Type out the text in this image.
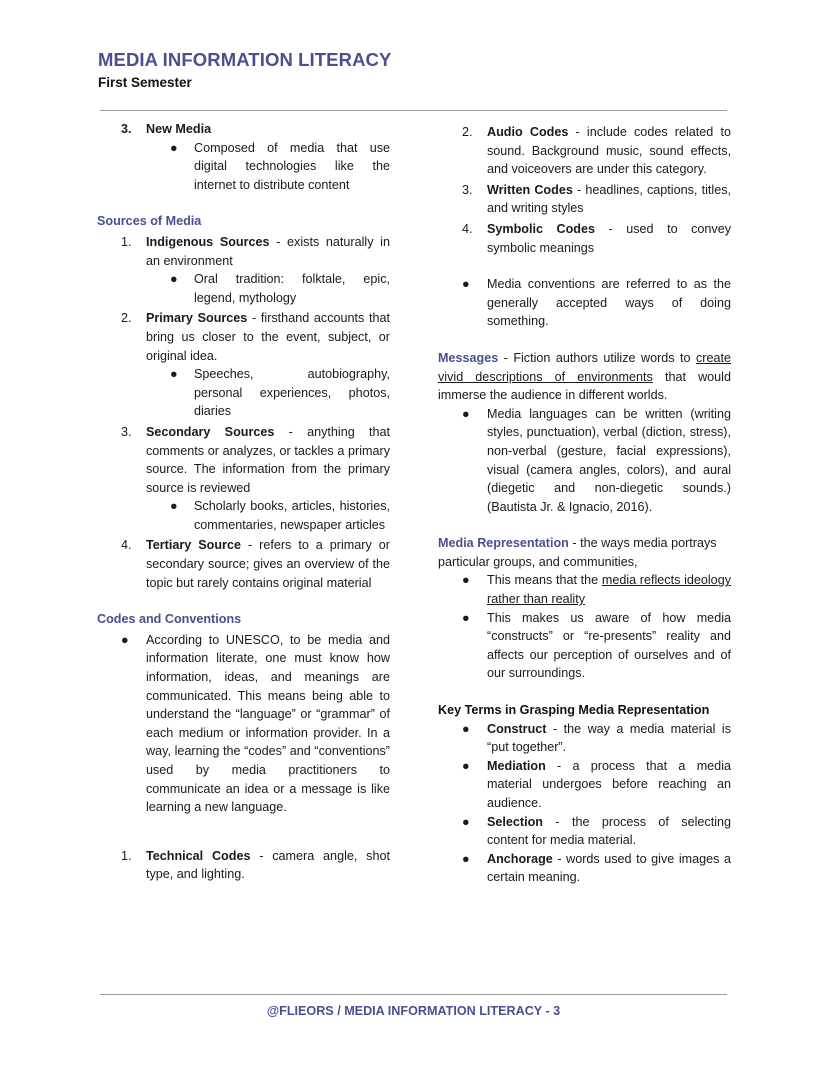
MEDIA INFORMATION LITERACY
First Semester
3. New Media
● Composed of media that use digital technologies like the internet to distribute content
Sources of Media
1. Indigenous Sources - exists naturally in an environment
● Oral tradition: folktale, epic, legend, mythology
2. Primary Sources - firsthand accounts that bring us closer to the event, subject, or original idea.
● Speeches, autobiography, personal experiences, photos, diaries
3. Secondary Sources - anything that comments or analyzes, or tackles a primary source. The information from the primary source is reviewed
● Scholarly books, articles, histories, commentaries, newspaper articles
4. Tertiary Source - refers to a primary or secondary source; gives an overview of the topic but rarely contains original material
Codes and Conventions
● According to UNESCO, to be media and information literate, one must know how information, ideas, and meanings are communicated. This means being able to understand the “language” or “grammar” of each medium or information provider. In a way, learning the “codes” and “conventions” used by media practitioners to communicate an idea or a message is like learning a new language.
1. Technical Codes - camera angle, shot type, and lighting.
2. Audio Codes - include codes related to sound. Background music, sound effects, and voiceovers are under this category.
3. Written Codes - headlines, captions, titles, and writing styles
4. Symbolic Codes - used to convey symbolic meanings
● Media conventions are referred to as the generally accepted ways of doing something.
Messages - Fiction authors utilize words to create vivid descriptions of environments that would immerse the audience in different worlds.
● Media languages can be written (writing styles, punctuation), verbal (diction, stress), non-verbal (gesture, facial expressions), visual (camera angles, colors), and aural (diegetic and non-diegetic sounds.) (Bautista Jr. & Ignacio, 2016).
Media Representation - the ways media portrays particular groups, and communities,
● This means that the media reflects ideology rather than reality
● This makes us aware of how media “constructs” or “re-presents” reality and affects our perception of ourselves and of our surroundings.
Key Terms in Grasping Media Representation
● Construct - the way a media material is “put together”.
● Mediation - a process that a media material undergoes before reaching an audience.
● Selection - the process of selecting content for media material.
● Anchorage - words used to give images a certain meaning.
@FLIEORS / MEDIA INFORMATION LITERACY - 3
